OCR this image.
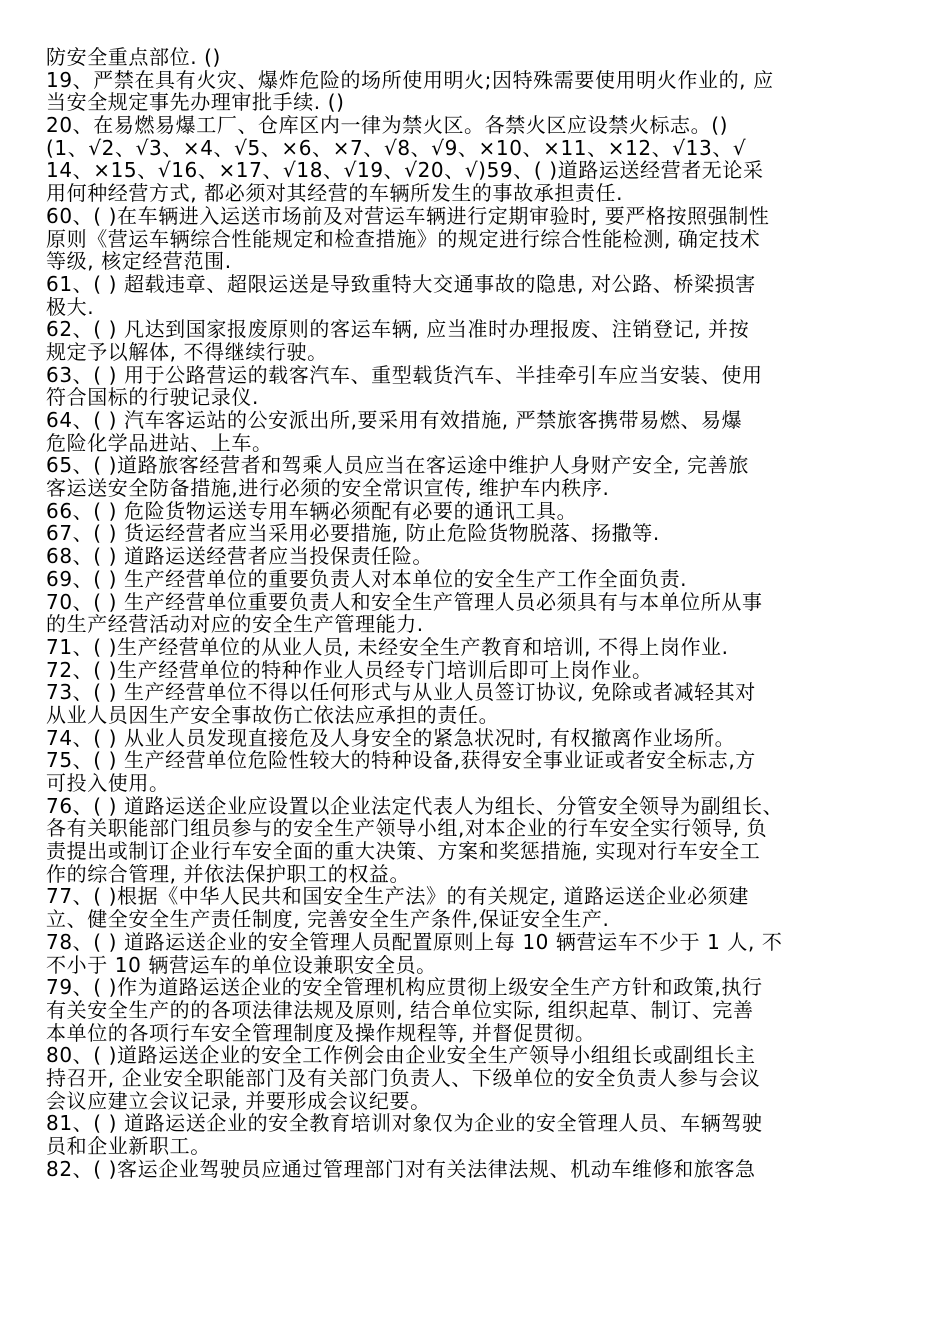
防安全重点部位. ()
19、严禁在具有火灾、爆炸危险的场所使用明火;因特殊需要使用明火作业的, 应
当安全规定事先办理审批手续. ()
20、在易燃易爆工厂、仓库区内一律为禁火区。各禁火区应设禁火标志。()
(1、√2、√3、×4、√5、×6、×7、√8、√9、×10、×11、×12、√13、√
14、×15、√16、×17、√18、√19、√20、√)59、( )道路运送经营者无论采
用何种经营方式, 都必须对其经营的车辆所发生的事故承担责任.
60、( )在车辆进入运送市场前及对营运车辆进行定期审验时, 要严格按照强制性
原则《营运车辆综合性能规定和检查措施》的规定进行综合性能检测, 确定技术
等级, 核定经营范围.
61、( ) 超载违章、超限运送是导致重特大交通事故的隐患, 对公路、桥梁损害
极大.
62、( ) 凡达到国家报废原则的客运车辆, 应当准时办理报废、注销登记, 并按
规定予以解体, 不得继续行驶。
63、( ) 用于公路营运的载客汽车、重型载货汽车、半挂牵引车应当安装、使用
符合国标的行驶记录仪.
64、( ) 汽车客运站的公安派出所,要采用有效措施, 严禁旅客携带易燃、易爆
危险化学品进站、上车。
65、( )道路旅客经营者和驾乘人员应当在客运途中维护人身财产安全, 完善旅
客运送安全防备措施,进行必须的安全常识宣传, 维护车内秩序.
66、( ) 危险货物运送专用车辆必须配有必要的通讯工具。
67、( ) 货运经营者应当采用必要措施, 防止危险货物脱落、扬撒等.
68、( ) 道路运送经营者应当投保责任险。
69、( ) 生产经营单位的重要负责人对本单位的安全生产工作全面负责.
70、( ) 生产经营单位重要负责人和安全生产管理人员必须具有与本单位所从事
的生产经营活动对应的安全生产管理能力.
71、( )生产经营单位的从业人员, 未经安全生产教育和培训, 不得上岗作业.
72、( )生产经营单位的特种作业人员经专门培训后即可上岗作业。
73、( ) 生产经营单位不得以任何形式与从业人员签订协议, 免除或者减轻其对
从业人员因生产安全事故伤亡依法应承担的责任。
74、( ) 从业人员发现直接危及人身安全的紧急状况时, 有权撤离作业场所。
75、( ) 生产经营单位危险性较大的特种设备,获得安全事业证或者安全标志,方
可投入使用。
76、( ) 道路运送企业应设置以企业法定代表人为组长、分管安全领导为副组长、
各有关职能部门组员参与的安全生产领导小组,对本企业的行车安全实行领导, 负
责提出或制订企业行车安全面的重大决策、方案和奖惩措施, 实现对行车安全工
作的综合管理, 并依法保护职工的权益。
77、( )根据《中华人民共和国安全生产法》的有关规定, 道路运送企业必须建
立、健全安全生产责任制度, 完善安全生产条件,保证安全生产.
78、( ) 道路运送企业的安全管理人员配置原则上每 10 辆营运车不少于 1 人, 不
不小于 10 辆营运车的单位设兼职安全员。
79、( )作为道路运送企业的安全管理机构应贯彻上级安全生产方针和政策,执行
有关安全生产的的各项法律法规及原则, 结合单位实际, 组织起草、制订、完善
本单位的各项行车安全管理制度及操作规程等, 并督促贯彻。
80、( )道路运送企业的安全工作例会由企业安全生产领导小组组长或副组长主
持召开, 企业安全职能部门及有关部门负责人、下级单位的安全负责人参与会议
会议应建立会议记录, 并要形成会议纪要。
81、( ) 道路运送企业的安全教育培训对象仅为企业的安全管理人员、车辆驾驶
员和企业新职工。
82、( )客运企业驾驶员应通过管理部门对有关法律法规、机动车维修和旅客急
